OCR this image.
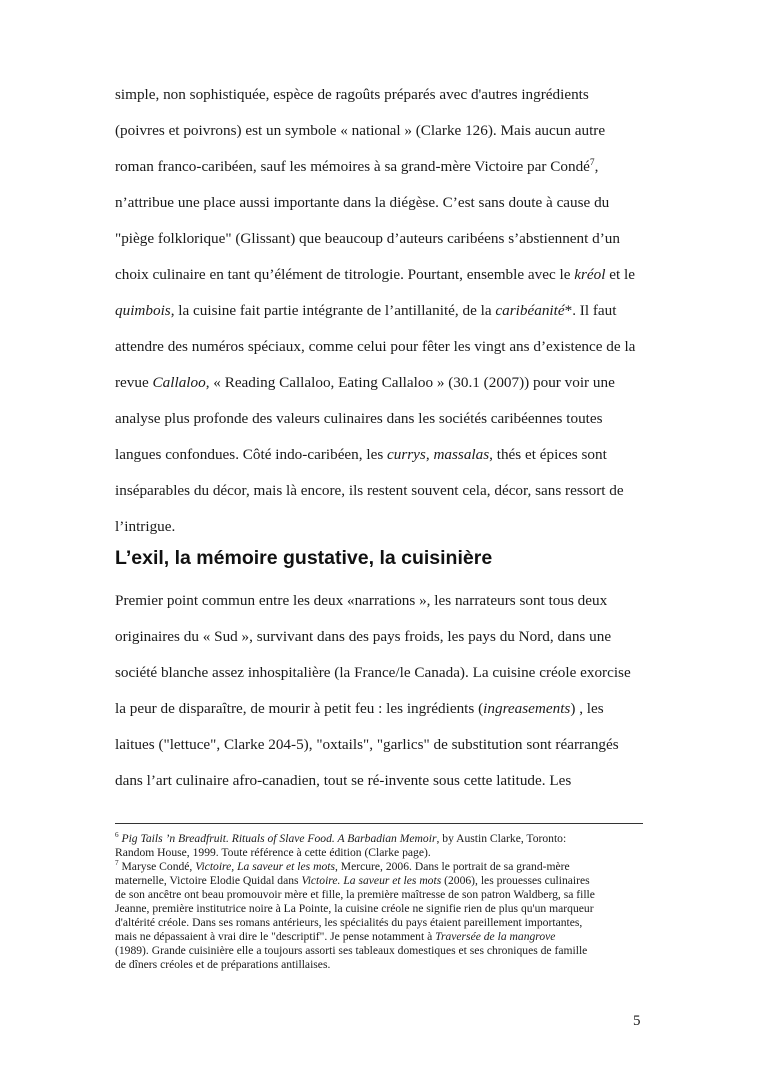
simple, non sophistiquée, espèce de ragoûts préparés avec d'autres ingrédients
(poivres et poivrons) est un symbole « national » (Clarke 126). Mais aucun autre
roman franco-caribéen, sauf les mémoires à sa grand-mère Victoire par Condé$^7$,
n’attribue une place aussi importante dans la diégèse. C’est sans doute à cause du
"piège folklorique" (Glissant) que beaucoup d’auteurs caribéens s’abstiennent d’un
choix culinaire en tant qu’élément de titrologie. Pourtant, ensemble avec le kréol et le
quimbois, la cuisine fait partie intégrante de l’antillanité, de la caribéanité*. Il faut
attendre des numéros spéciaux, comme celui pour fêter les vingt ans d’existence de la
revue Callaloo, « Reading Callaloo, Eating Callaloo » (30.1 (2007)) pour voir une
analyse plus profonde des valeurs culinaires dans les sociétés caribéennes toutes
langues confondues. Côté indo-caribéen, les currys, massalas, thés et épices sont
inséparables du décor, mais là encore, ils restent souvent cela, décor, sans ressort de
l’intrigue.
L’exil, la mémoire gustative, la cuisinière
Premier point commun entre les deux «narrations », les narrateurs sont tous deux
originaires du « Sud », survivant dans des pays froids, les pays du Nord, dans une
société blanche assez inhospitalière (la France/le Canada). La cuisine créole exorcise
la peur de disparaître, de mourir à petit feu : les ingrédients (ingreasements) , les
laitues ("lettuce", Clarke 204-5), "oxtails", "garlics" de substitution sont réarrangés
dans l’art culinaire afro-canadien, tout se ré-invente sous cette latitude. Les
$^6$ Pig Tails ’n Breadfruit. Rituals of Slave Food. A Barbadian Memoir, by Austin Clarke, Toronto:
Random House, 1999. Toute référence à cette édition (Clarke page).
$^7$ Maryse Condé, Victoire, La saveur et les mots, Mercure, 2006. Dans le portrait de sa grand-mère
maternelle, Victoire Elodie Quidal dans Victoire. La saveur et les mots (2006), les prouesses culinaires
de son ancêtre ont beau promouvoir mère et fille, la première maîtresse de son patron Waldberg, sa fille
Jeanne, première institutrice noire à La Pointe, la cuisine créole ne signifie rien de plus qu'un marqueur
d'altérité créole. Dans ses romans antérieurs, les spécialités du pays étaient pareillement importantes,
mais ne dépassaient à vrai dire le "descriptif". Je pense notamment à Traversée de la mangrove
(1989). Grande cuisinière elle a toujours assorti ses tableaux domestiques et ses chroniques de famille
de dîners créoles et de préparations antillaises.
5
